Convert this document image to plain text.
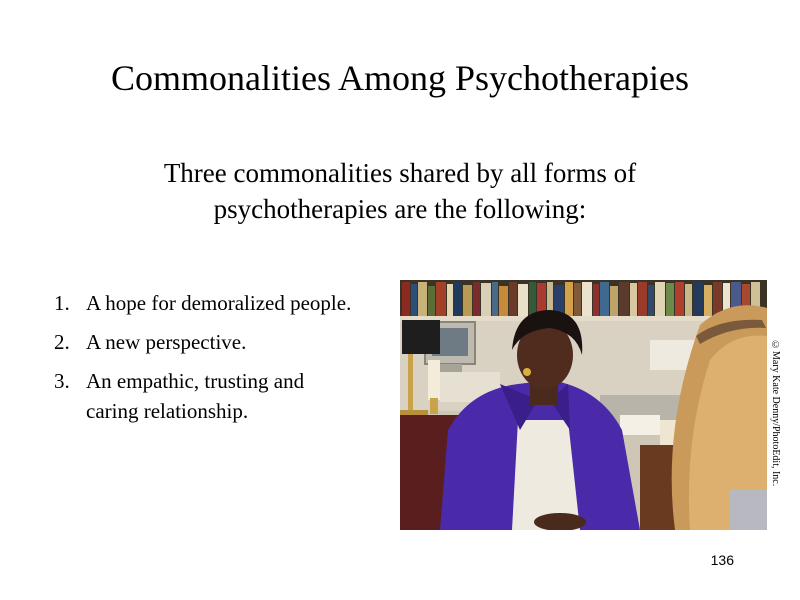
Commonalities Among Psychotherapies
Three commonalities shared by all forms of psychotherapies are the following:
1. A hope for demoralized people.
2. A new perspective.
3. An empathic, trusting and caring relationship.	©Mary Kate Denny/PhotoEdit, Inc.
136
